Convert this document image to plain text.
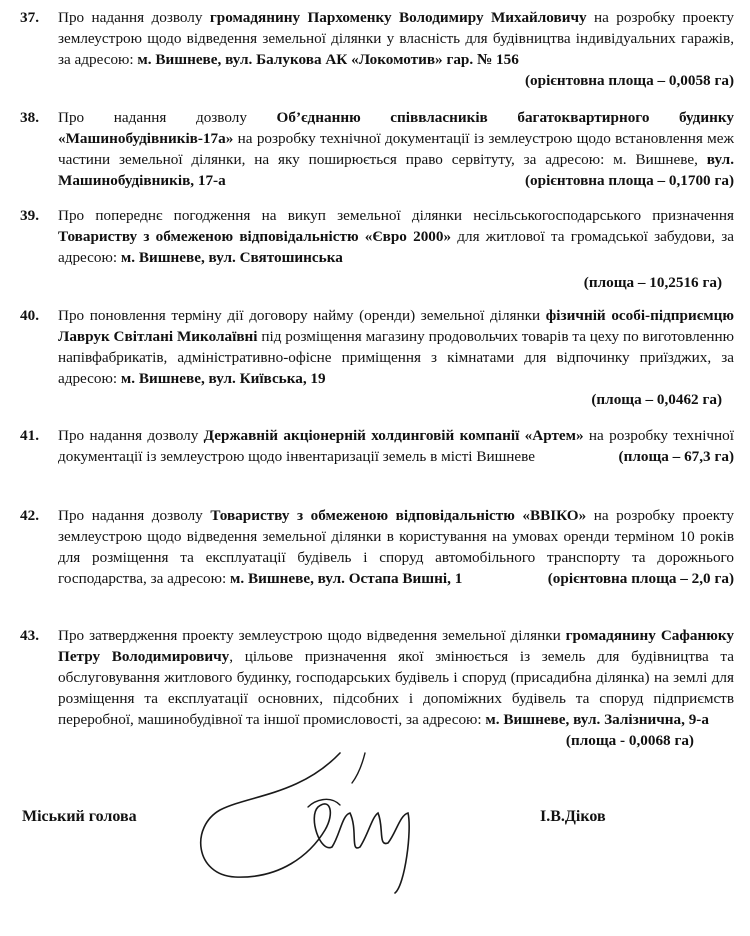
37. Про надання дозволу громадянину Пархоменку Володимиру Михайловичу на розробку проекту землеустрою щодо відведення земельної ділянки у власність для будівництва індивідуальних гаражів, за адресою: м. Вишневе, вул. Балукова АК «Локомотив» гар. № 156
(орієнтовна площа – 0,0058 га)
38. Про надання дозволу Об’єднанню співвласників багатоквартирного будинку «Машинобудівників-17а» на розробку технічної документації із землеустрою щодо встановлення меж частини земельної ділянки, на яку поширюється право сервітуту, за адресою: м. Вишневе, вул. Машинобудівників, 17-а	(орієнтовна площа – 0,1700 га)
39. Про попереднє погодження на викуп земельної ділянки несільськогосподарського призначення Товариству з обмеженою відповідальністю «Євро 2000» для житлової та громадської забудови, за адресою: м. Вишневе, вул. Святошинська
(площа – 10,2516 га)
40. Про поновлення терміну дії договору найму (оренди) земельної ділянки фізичній особі-підприємцю Лаврук Світлані Миколаївні під розміщення магазину продовольчих товарів та цеху по виготовленню напівфабрикатів, адміністративно-офісне приміщення з кімнатами для відпочинку приїзджих, за адресою: м. Вишневе, вул. Київська, 19
(площа – 0,0462 га)
41. Про надання дозволу Державній акціонерній холдинговій компанії «Артем» на розробку технічної документації із землеустрою щодо інвентаризації земель в місті Вишневе	(площа – 67,3 га)
42. Про надання дозволу Товариству з обмеженою відповідальністю «ВВІКО» на розробку проекту землеустрою щодо відведення земельної ділянки в користування на умовах оренди терміном 10 років для розміщення та експлуатації будівель і споруд автомобільного транспорту та дорожнього господарства, за адресою: м. Вишневе, вул. Остапа Вишні, 1	(орієнтовна площа – 2,0 га)
43. Про затвердження проекту землеустрою щодо відведення земельної ділянки громадянину Сафанюку Петру Володимировичу, цільове призначення якої змінюється із земель для будівництва та обслуговування житлового будинку, господарських будівель і споруд (присадибна ділянка) на землі для розміщення та експлуатації основних, підсобних і допоміжних будівель та споруд підприємств переробної, машинобудівної та іншої промисловості, за адресою: м. Вишневе, вул. Залізнична, 9-а
(площа - 0,0068 га)
Міський голова	І.В.Діков
